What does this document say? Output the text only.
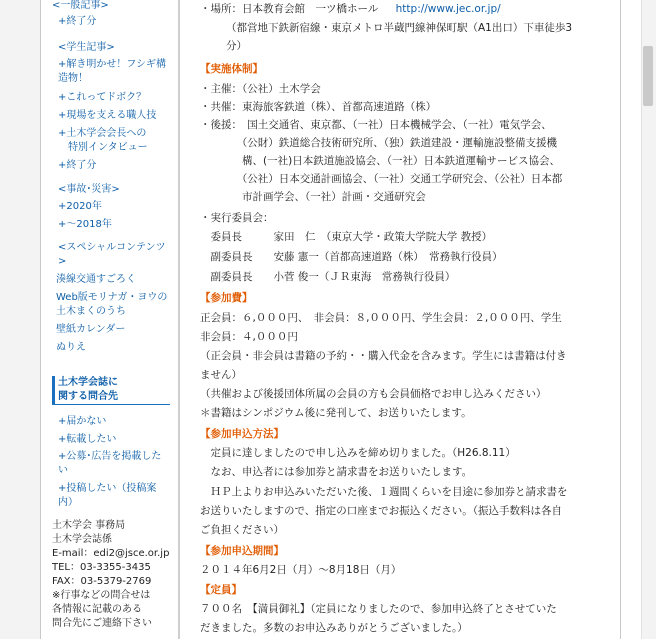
<一般記事>
+終了分
<学生記事>
+解き明かせ！フシギ構
造物！
+これってドボク？
+現場を支える職人技
+土木学会会長への
特別インタビュー
+終了分
<事故･災害>
+2020年
+～2018年
<スペシャルコンテンツ
>
湊線交通すごろく
Web版モリナガ・ヨウの
土木まくのうち
壁紙カレンダー
ぬりえ
土木学会誌に
関する問合先
+届かない
+転載したい
+公募･広告を掲載した
い
+投稿したい（投稿案
内）
土木学会 事務局
土木学会誌係
E-mail：edi2@jsce.or.jp
TEL：03-3355-3435
FAX：03-5379-2769
※行事などの問合せは
各情報に記載のある
問合先にご連絡下さい
・場所：日本教育会館　一ツ橋ホール http://www.jec.or.jp/
（都営地下鉄新宿線・東京メトロ半蔵門線神保町駅（A1出口）下車徒歩3
分）
【実施体制】
・主催：（公社）土木学会
・共催：東海旅客鉄道（株）、首都高速道路（株）
・後援：　国土交通省、東京都、（一社）日本機械学会、（一社）電気学会、
　　　　（公財）鉄道総合技術研究所、（独）鉄道建設・運輸施設整備支援機
　　　　構、(一社)日本鉄道施設協会、（一社）日本鉄道運輸サービス協会、
　　　　（公社）日本交通計画協会、（一社）交通工学研究会、（公社）日本都
　　　　市計画学会、（一社）計画・交通研究会
・実行委員会：
　委員長　　　家田　仁　（東京大学・政策大学院大学 教授）
　副委員長　　安藤 憲一（首都高速道路（株）　常務執行役員）
　副委員長　　小菅 俊一（ＪＲ東海　常務執行役員）
【参加費】
正会員：６,０００円、　非会員：８,０００円、学生会員：２,０００円、学生
非会員：４,０００円
（正会員・非会員は書籍の予約・・購入代金を含みます。学生には書籍は付き
ません）
（共催および後援団体所属の会員の方も会員価格でお申し込みください）
＊書籍はシンポジウム後に発刊して、お送りいたします。
【参加申込方法】
　定員に達しましたので申し込みを締め切りました。（H26.8.11）
　なお、申込者には参加券と請求書をお送りいたします。
　ＨＰ上よりお申込みいただいた後、１週間くらいを目途に参加券と請求書を
お送りいたしますので、指定の口座までお振込ください。（振込手数料は各自
ご負担ください）
【参加申込期間】
２０１４年6月2日（月）～8月18日（月）
【定員】
７００名　【満員御礼】（定員になりましたので、参加申込終了とさせていた
だきました。多数のお申込みありがとうございました。）
